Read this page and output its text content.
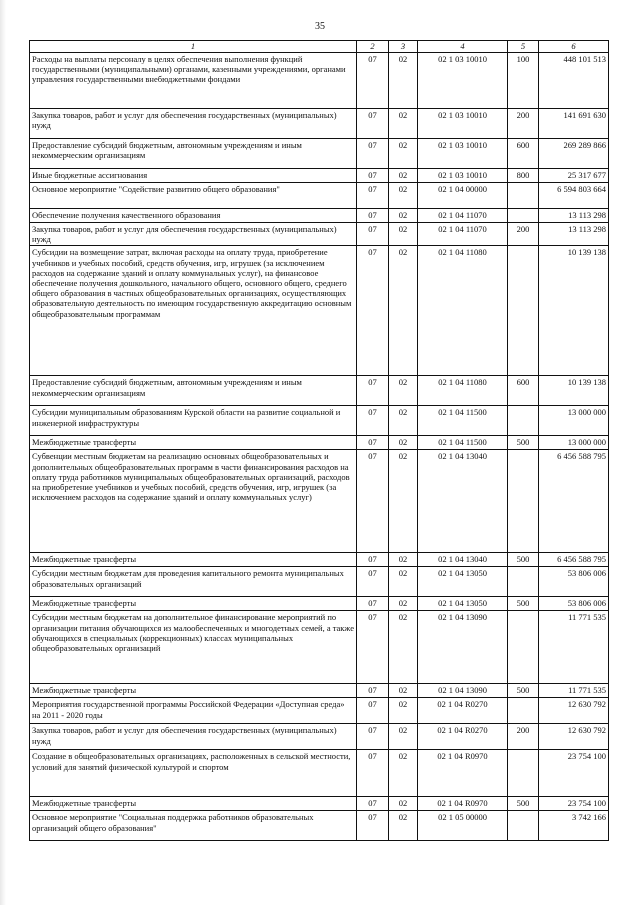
35
1	2	3	4	5	6
Расходы на выплаты персоналу в целях обеспечения выполнения функций государственными (муниципальными) органами, казенными учреждениями, органами управления государственными внебюджетными фондами	07	02	02 1 03 10010	100	448 101 513
Закупка товаров, работ и услуг для обеспечения государственных (муниципальных) нужд	07	02	02 1 03 10010	200	141 691 630
Предоставление субсидий бюджетным, автономным учреждениям и иным некоммерческим организациям	07	02	02 1 03 10010	600	269 289 866
Иные бюджетные ассигнования	07	02	02 1 03 10010	800	25 317 677
Основное мероприятие "Содействие развитию общего образования"	07	02	02 1 04 00000		6 594 803 664
Обеспечение получения качественного образования	07	02	02 1 04 11070		13 113 298
Закупка товаров, работ и услуг для обеспечения государственных (муниципальных) нужд	07	02	02 1 04 11070	200	13 113 298
Субсидии на возмещение затрат, включая расходы на оплату труда, приобретение учебников и учебных пособий, средств обучения, игр, игрушек (за исключением расходов на содержание зданий и оплату коммунальных услуг), на финансовое обеспечение получения дошкольного, начального общего, основного общего, среднего общего образования в частных общеобразовательных организациях, осуществляющих образовательную деятельность по имеющим государственную аккредитацию основным общеобразовательным программам	07	02	02 1 04 11080		10 139 138
Предоставление субсидий бюджетным, автономным учреждениям и иным некоммерческим организациям	07	02	02 1 04 11080	600	10 139 138
Субсидии муниципальным образованиям Курской области на развитие социальной и инженерной инфраструктуры	07	02	02 1 04 11500		13 000 000
Межбюджетные трансферты	07	02	02 1 04 11500	500	13 000 000
Субвенции местным бюджетам на реализацию основных общеобразовательных и дополнительных общеобразовательных программ в части финансирования расходов на оплату труда работников муниципальных общеобразовательных организаций, расходов на приобретение учебников и учебных пособий, средств обучения, игр, игрушек (за исключением расходов на содержание зданий и оплату коммунальных услуг)	07	02	02 1 04 13040		6 456 588 795
Межбюджетные трансферты	07	02	02 1 04 13040	500	6 456 588 795
Субсидии местным бюджетам для проведения капитального ремонта муниципальных образовательных организаций	07	02	02 1 04 13050		53 806 006
Межбюджетные трансферты	07	02	02 1 04 13050	500	53 806 006
Субсидии местным бюджетам на дополнительное финансирование мероприятий по организации питания обучающихся из малообеспеченных и многодетных семей, а также обучающихся в специальных (коррекционных) классах муниципальных общеобразовательных организаций	07	02	02 1 04 13090		11 771 535
Межбюджетные трансферты	07	02	02 1 04 13090	500	11 771 535
Мероприятия государственной программы Российской Федерации «Доступная среда» на 2011 - 2020 годы	07	02	02 1 04 R0270		12 630 792
Закупка товаров, работ и услуг для обеспечения государственных (муниципальных) нужд	07	02	02 1 04 R0270	200	12 630 792
Создание в общеобразовательных организациях, расположенных в сельской местности, условий для занятий физической культурой и спортом	07	02	02 1 04 R0970		23 754 100
Межбюджетные трансферты	07	02	02 1 04 R0970	500	23 754 100
Основное мероприятие "Социальная поддержка работников образовательных организаций общего образования"	07	02	02 1 05 00000		3 742 166
